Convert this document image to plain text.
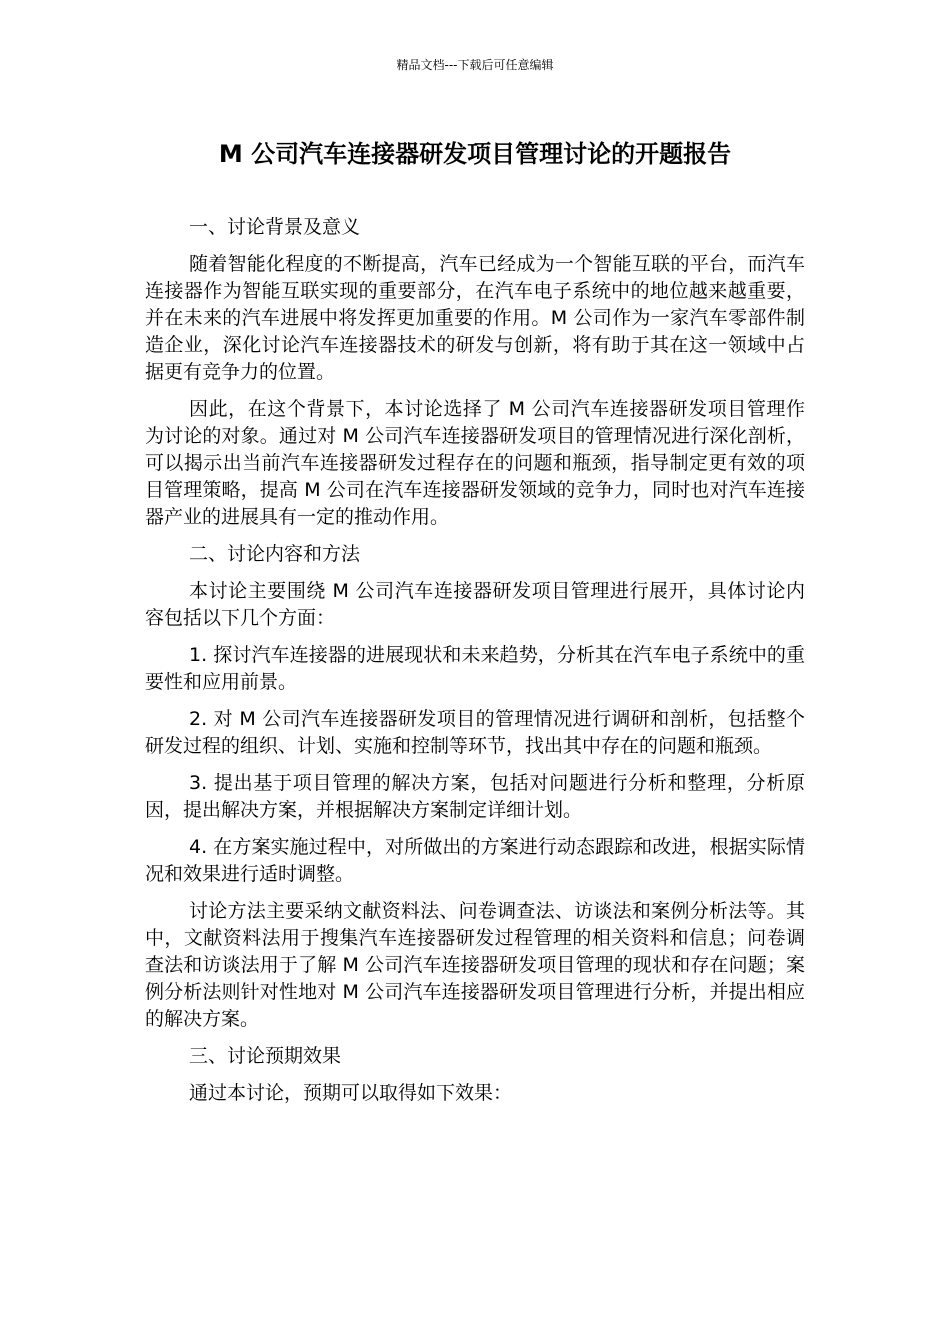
精品文档---下载后可任意编辑
M 公司汽车连接器研发项目管理讨论的开题报告

一、讨论背景及意义

随着智能化程度的不断提高，汽车已经成为一个智能互联的平台，而汽车连接器作为智能互联实现的重要部分，在汽车电子系统中的地位越来越重要，并在未来的汽车进展中将发挥更加重要的作用。M 公司作为一家汽车零部件制造企业，深化讨论汽车连接器技术的研发与创新，将有助于其在这一领域中占据更有竞争力的位置。

因此，在这个背景下，本讨论选择了 M 公司汽车连接器研发项目管理作为讨论的对象。通过对 M 公司汽车连接器研发项目的管理情况进行深化剖析，可以揭示出当前汽车连接器研发过程存在的问题和瓶颈，指导制定更有效的项目管理策略，提高 M 公司在汽车连接器研发领域的竞争力，同时也对汽车连接器产业的进展具有一定的推动作用。

二、讨论内容和方法

本讨论主要围绕 M 公司汽车连接器研发项目管理进行展开，具体讨论内容包括以下几个方面：

1. 探讨汽车连接器的进展现状和未来趋势，分析其在汽车电子系统中的重要性和应用前景。

2. 对 M 公司汽车连接器研发项目的管理情况进行调研和剖析，包括整个研发过程的组织、计划、实施和控制等环节，找出其中存在的问题和瓶颈。

3. 提出基于项目管理的解决方案，包括对问题进行分析和整理，分析原因，提出解决方案，并根据解决方案制定详细计划。

4. 在方案实施过程中，对所做出的方案进行动态跟踪和改进，根据实际情况和效果进行适时调整。

讨论方法主要采纳文献资料法、问卷调查法、访谈法和案例分析法等。其中，文献资料法用于搜集汽车连接器研发过程管理的相关资料和信息；问卷调查法和访谈法用于了解 M 公司汽车连接器研发项目管理的现状和存在问题；案例分析法则针对性地对 M 公司汽车连接器研发项目管理进行分析，并提出相应的解决方案。

三、讨论预期效果

通过本讨论，预期可以取得如下效果：
